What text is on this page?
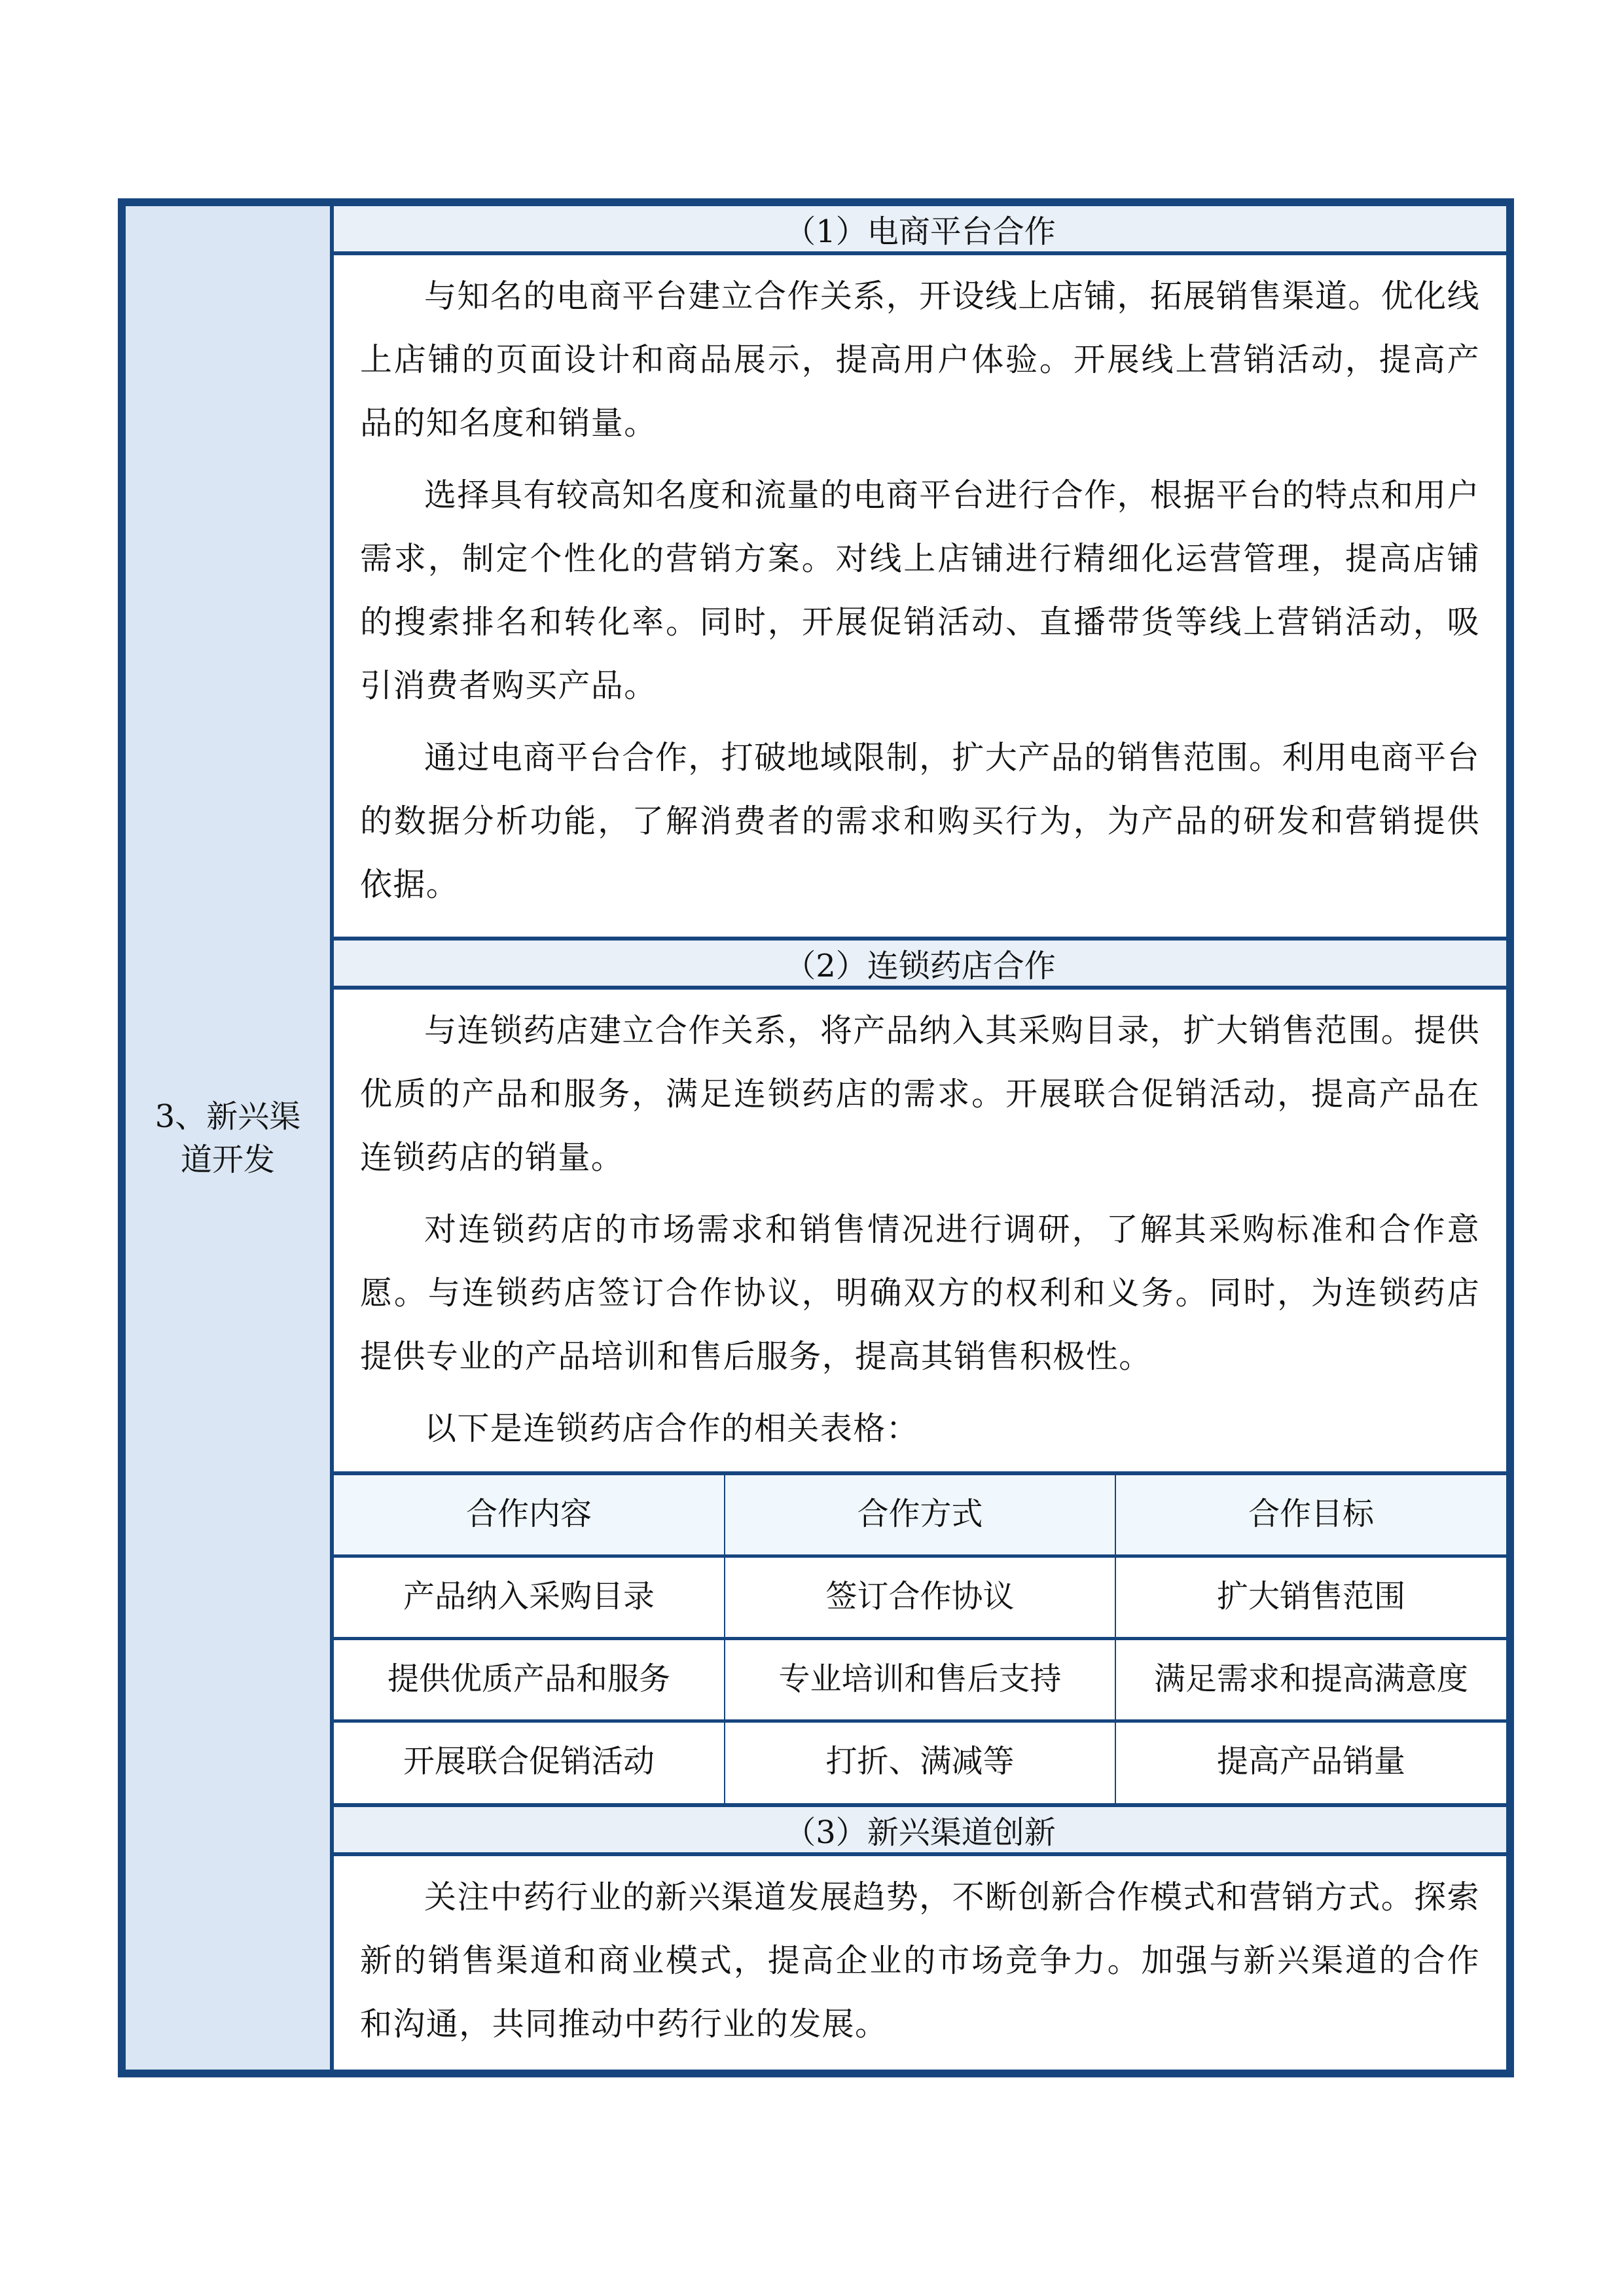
3、新兴渠道开发
（1）电商平台合作

与知名的电商平台建立合作关系，开设线上店铺，拓展销售渠道。优化线上店铺的页面设计和商品展示，提高用户体验。开展线上营销活动，提高产品的知名度和销量。

选择具有较高知名度和流量的电商平台进行合作，根据平台的特点和用户需求，制定个性化的营销方案。对线上店铺进行精细化运营管理，提高店铺的搜索排名和转化率。同时，开展促销活动、直播带货等线上营销活动，吸引消费者购买产品。

通过电商平台合作，打破地域限制，扩大产品的销售范围。利用电商平台的数据分析功能，了解消费者的需求和购买行为，为产品的研发和营销提供依据。

（2）连锁药店合作

与连锁药店建立合作关系，将产品纳入其采购目录，扩大销售范围。提供优质的产品和服务，满足连锁药店的需求。开展联合促销活动，提高产品在连锁药店的销量。

对连锁药店的市场需求和销售情况进行调研，了解其采购标准和合作意愿。与连锁药店签订合作协议，明确双方的权利和义务。同时，为连锁药店提供专业的产品培训和售后服务，提高其销售积极性。

以下是连锁药店合作的相关表格：

合作内容	合作方式	合作目标
产品纳入采购目录	签订合作协议	扩大销售范围
提供优质产品和服务	专业培训和售后支持	满足需求和提高满意度
开展联合促销活动	打折、满减等	提高产品销量
（3）新兴渠道创新

关注中药行业的新兴渠道发展趋势，不断创新合作模式和营销方式。探索新的销售渠道和商业模式，提高企业的市场竞争力。加强与新兴渠道的合作和沟通，共同推动中药行业的发展。
